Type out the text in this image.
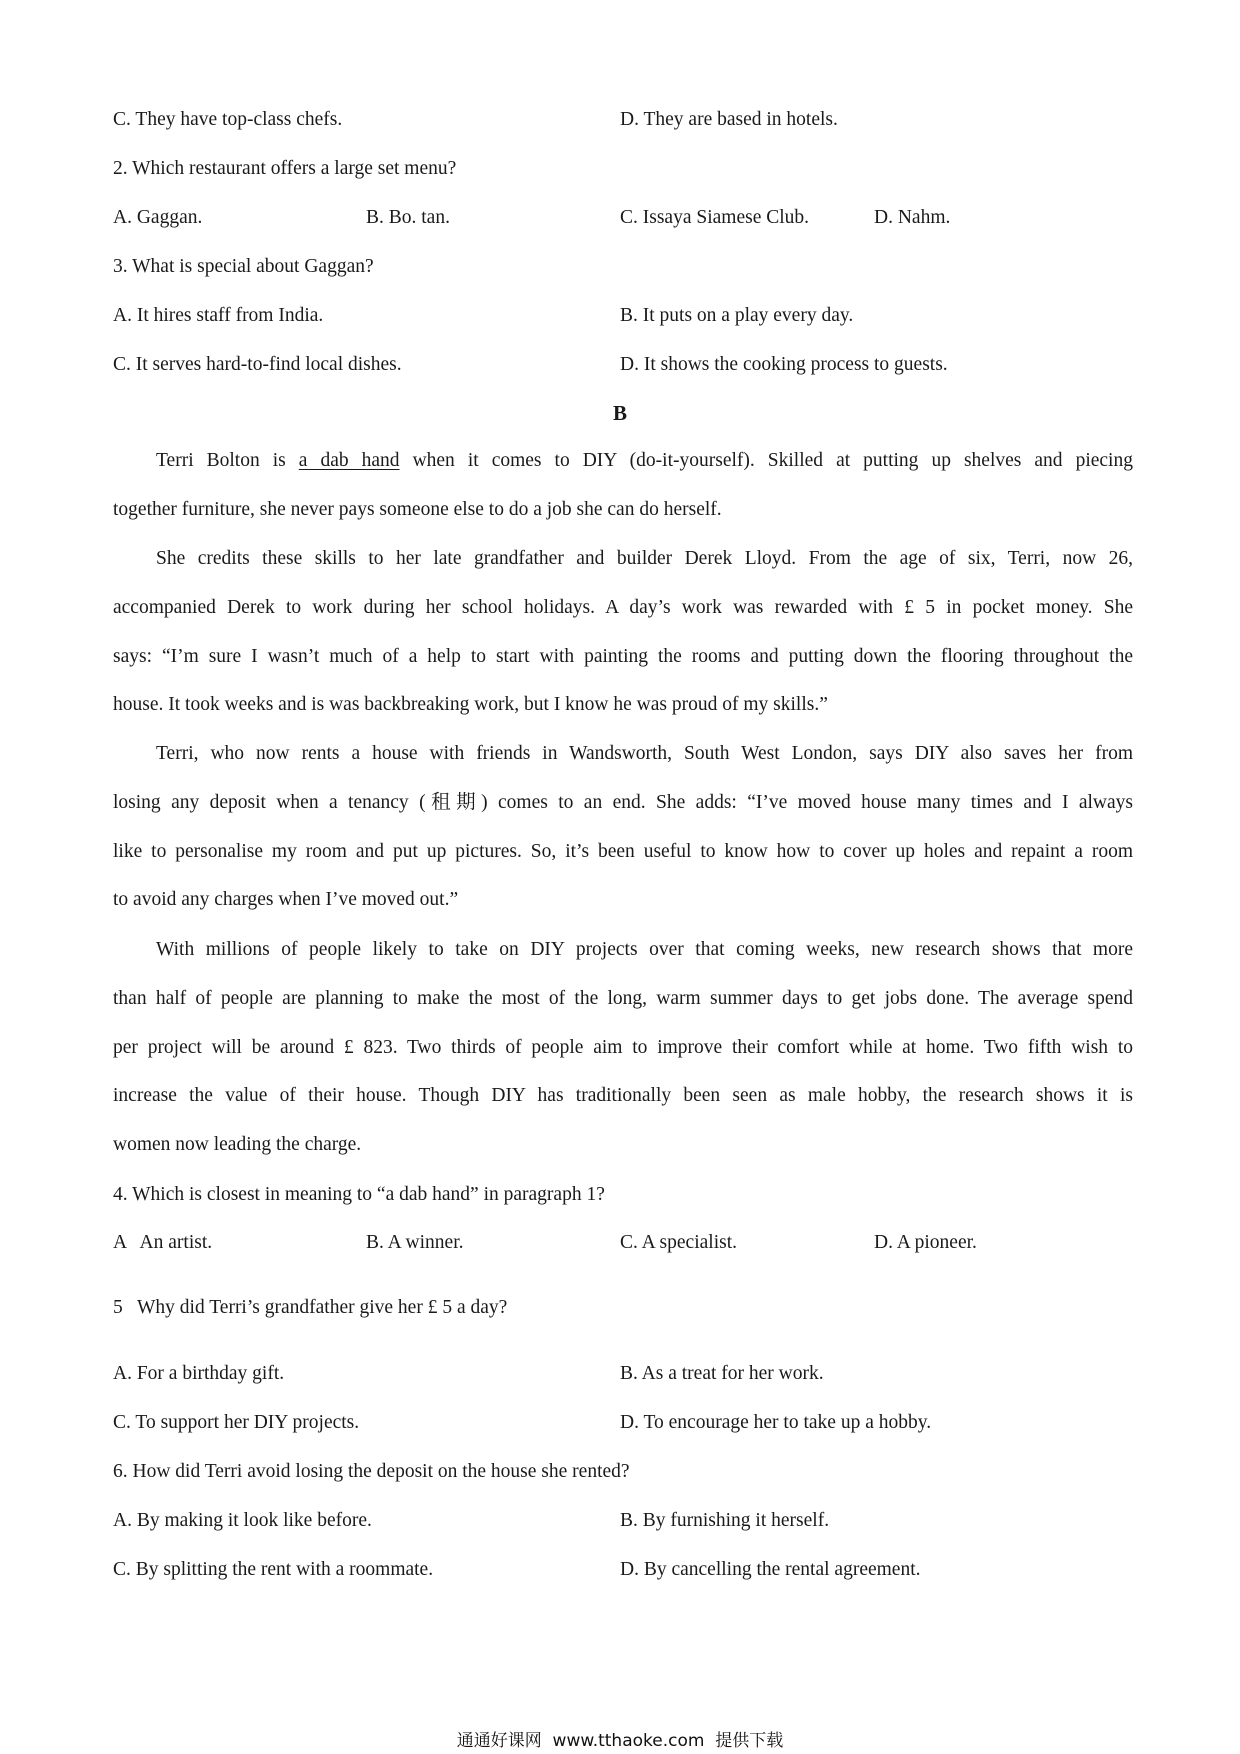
C. They have top-class chefs.	D. They are based in hotels.
2. Which restaurant offers a large set menu?
A. Gaggan.	B. Bo. tan.	C. Issaya Siamese Club.	D. Nahm.
3. What is special about Gaggan?
A. It hires staff from India.	B. It puts on a play every day.
C. It serves hard-to-find local dishes.	D. It shows the cooking process to guests.
B
Terri Bolton is a dab hand when it comes to DIY (do-it-yourself). Skilled at putting up shelves and piecing
together furniture, she never pays someone else to do a job she can do herself.
She credits these skills to her late grandfather and builder Derek Lloyd. From the age of six, Terri, now 26,
accompanied Derek to work during her school holidays. A day’s work was rewarded with £ 5 in pocket money. She
says: “I’m sure I wasn’t much of a help to start with painting the rooms and putting down the flooring throughout the
house. It took weeks and is was backbreaking work, but I know he was proud of my skills.”
Terri, who now rents a house with friends in Wandsworth, South West London, says DIY also saves her from
losing any deposit when a tenancy (租期) comes to an end. She adds: “I’ve moved house many times and I always
like to personalise my room and put up pictures. So, it’s been useful to know how to cover up holes and repaint a room
to avoid any charges when I’ve moved out.”
With millions of people likely to take on DIY projects over that coming weeks, new research shows that more
than half of people are planning to make the most of the long, warm summer days to get jobs done. The average spend
per project will be around £ 823. Two thirds of people aim to improve their comfort while at home. Two fifth wish to
increase the value of their house. Though DIY has traditionally been seen as male hobby, the research shows it is
women now leading the charge.
4. Which is closest in meaning to “a dab hand” in paragraph 1?
A   An artist.	B. A winner.	C. A specialist.	D. A pioneer.
5   Why did Terri’s grandfather give her £ 5 a day?
A. For a birthday gift.	B. As a treat for her work.
C. To support her DIY projects.	D. To encourage her to take up a hobby.
6. How did Terri avoid losing the deposit on the house she rented?
A. By making it look like before.	B. By furnishing it herself.
C. By splitting the rent with a roommate.	D. By cancelling the rental agreement.
通通好课网  www.tthaoke.com  提供下载
